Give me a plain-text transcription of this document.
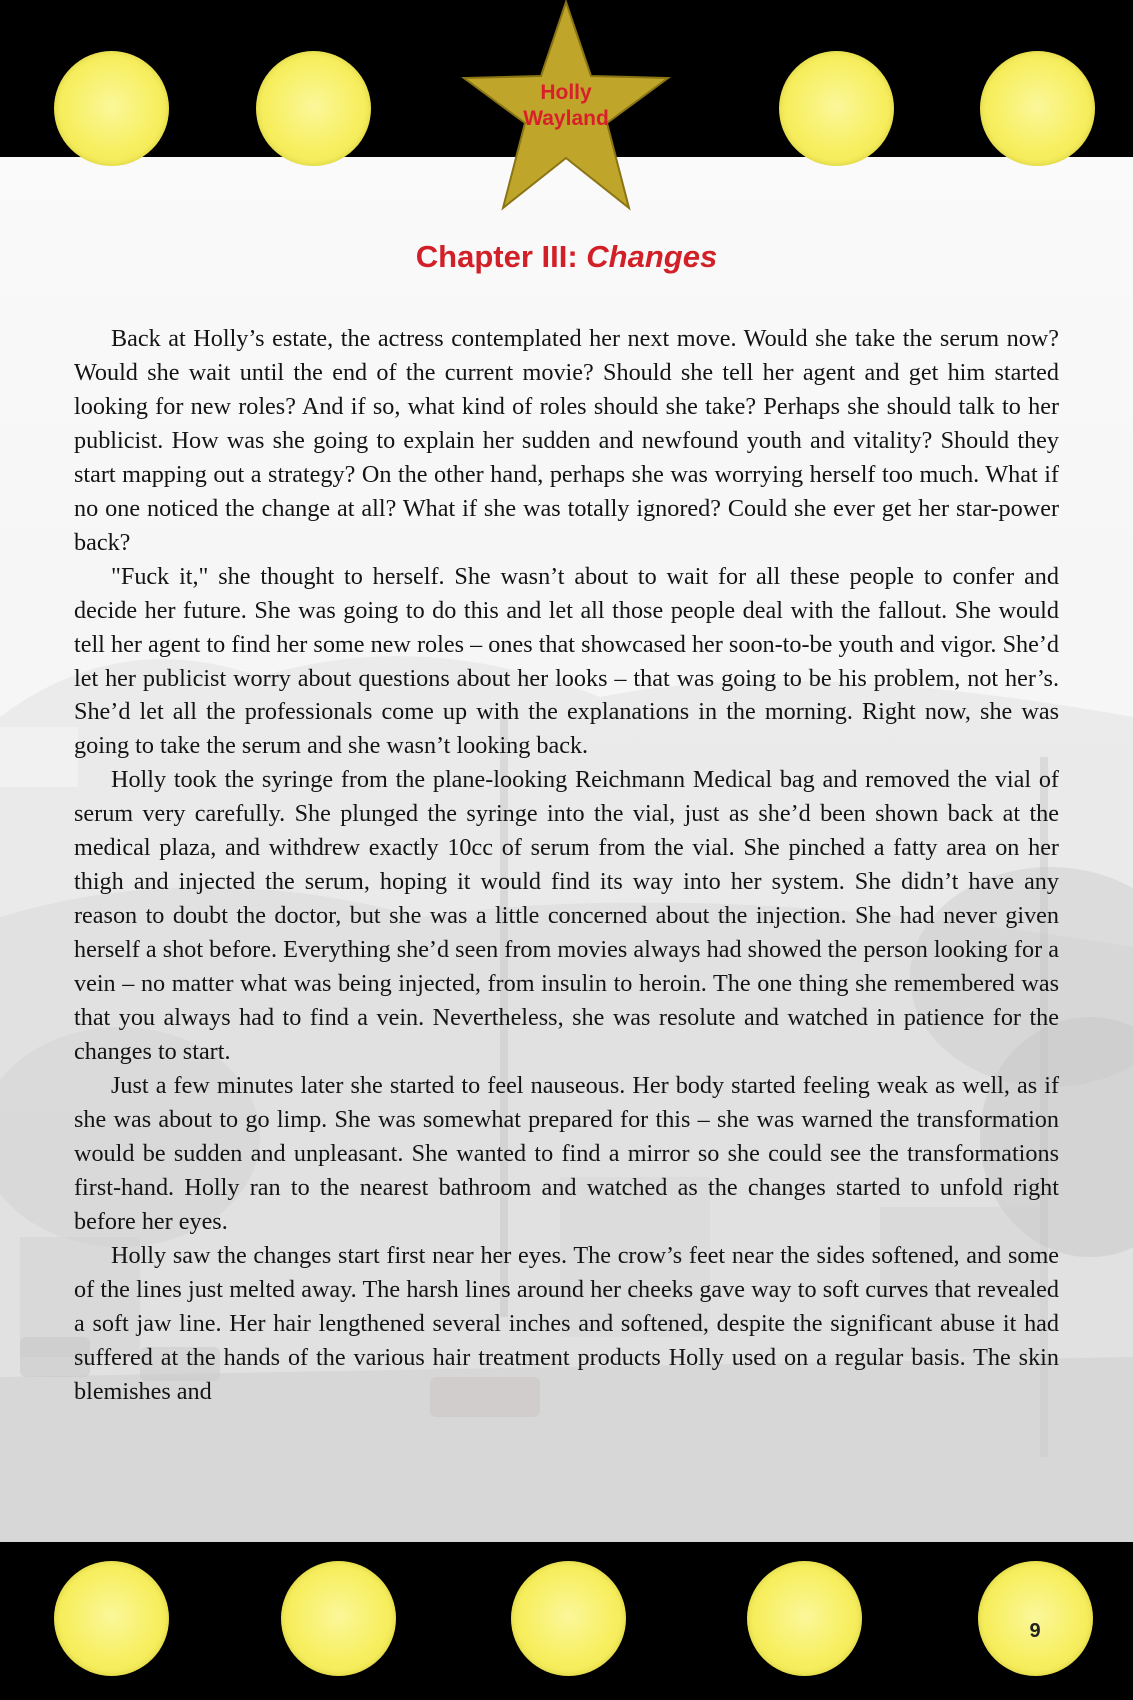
Holly
Wayland
Chapter III: Changes

Back at Holly’s estate, the actress contemplated her next move. Would she take the serum now? Would she wait until the end of the current movie? Should she tell her agent and get him started looking for new roles? And if so, what kind of roles should she take? Perhaps she should talk to her publicist. How was she going to explain her sudden and newfound youth and vitality? Should they start mapping out a strategy? On the other hand, perhaps she was worrying herself too much. What if no one noticed the change at all? What if she was totally ignored? Could she ever get her star-power back?

"Fuck it," she thought to herself. She wasn’t about to wait for all these people to confer and decide her future. She was going to do this and let all those people deal with the fallout. She would tell her agent to find her some new roles – ones that showcased her soon-to-be youth and vigor. She’d let her publicist worry about questions about her looks – that was going to be his problem, not her’s. She’d let all the professionals come up with the explanations in the morning. Right now, she was going to take the serum and she wasn’t looking back.

Holly took the syringe from the plane-looking Reichmann Medical bag and removed the vial of serum very carefully. She plunged the syringe into the vial, just as she’d been shown back at the medical plaza, and withdrew exactly 10cc of serum from the vial. She pinched a fatty area on her thigh and injected the serum, hoping it would find its way into her system. She didn’t have any reason to doubt the doctor, but she was a little concerned about the injection. She had never given herself a shot before. Everything she’d seen from movies always had showed the person looking for a vein – no matter what was being injected, from insulin to heroin. The one thing she remembered was that you always had to find a vein. Nevertheless, she was resolute and watched in patience for the changes to start.

Just a few minutes later she started to feel nauseous. Her body started feeling weak as well, as if she was about to go limp. She was somewhat prepared for this – she was warned the transformation would be sudden and unpleasant. She wanted to find a mirror so she could see the transformations first-hand. Holly ran to the nearest bathroom and watched as the changes started to unfold right before her eyes.

Holly saw the changes start first near her eyes. The crow’s feet near the sides softened, and some of the lines just melted away. The harsh lines around her cheeks gave way to soft curves that revealed a soft jaw line. Her hair lengthened several inches and softened, despite the significant abuse it had suffered at the hands of the various hair treatment products Holly used on a regular basis. The skin blemishes and

9
